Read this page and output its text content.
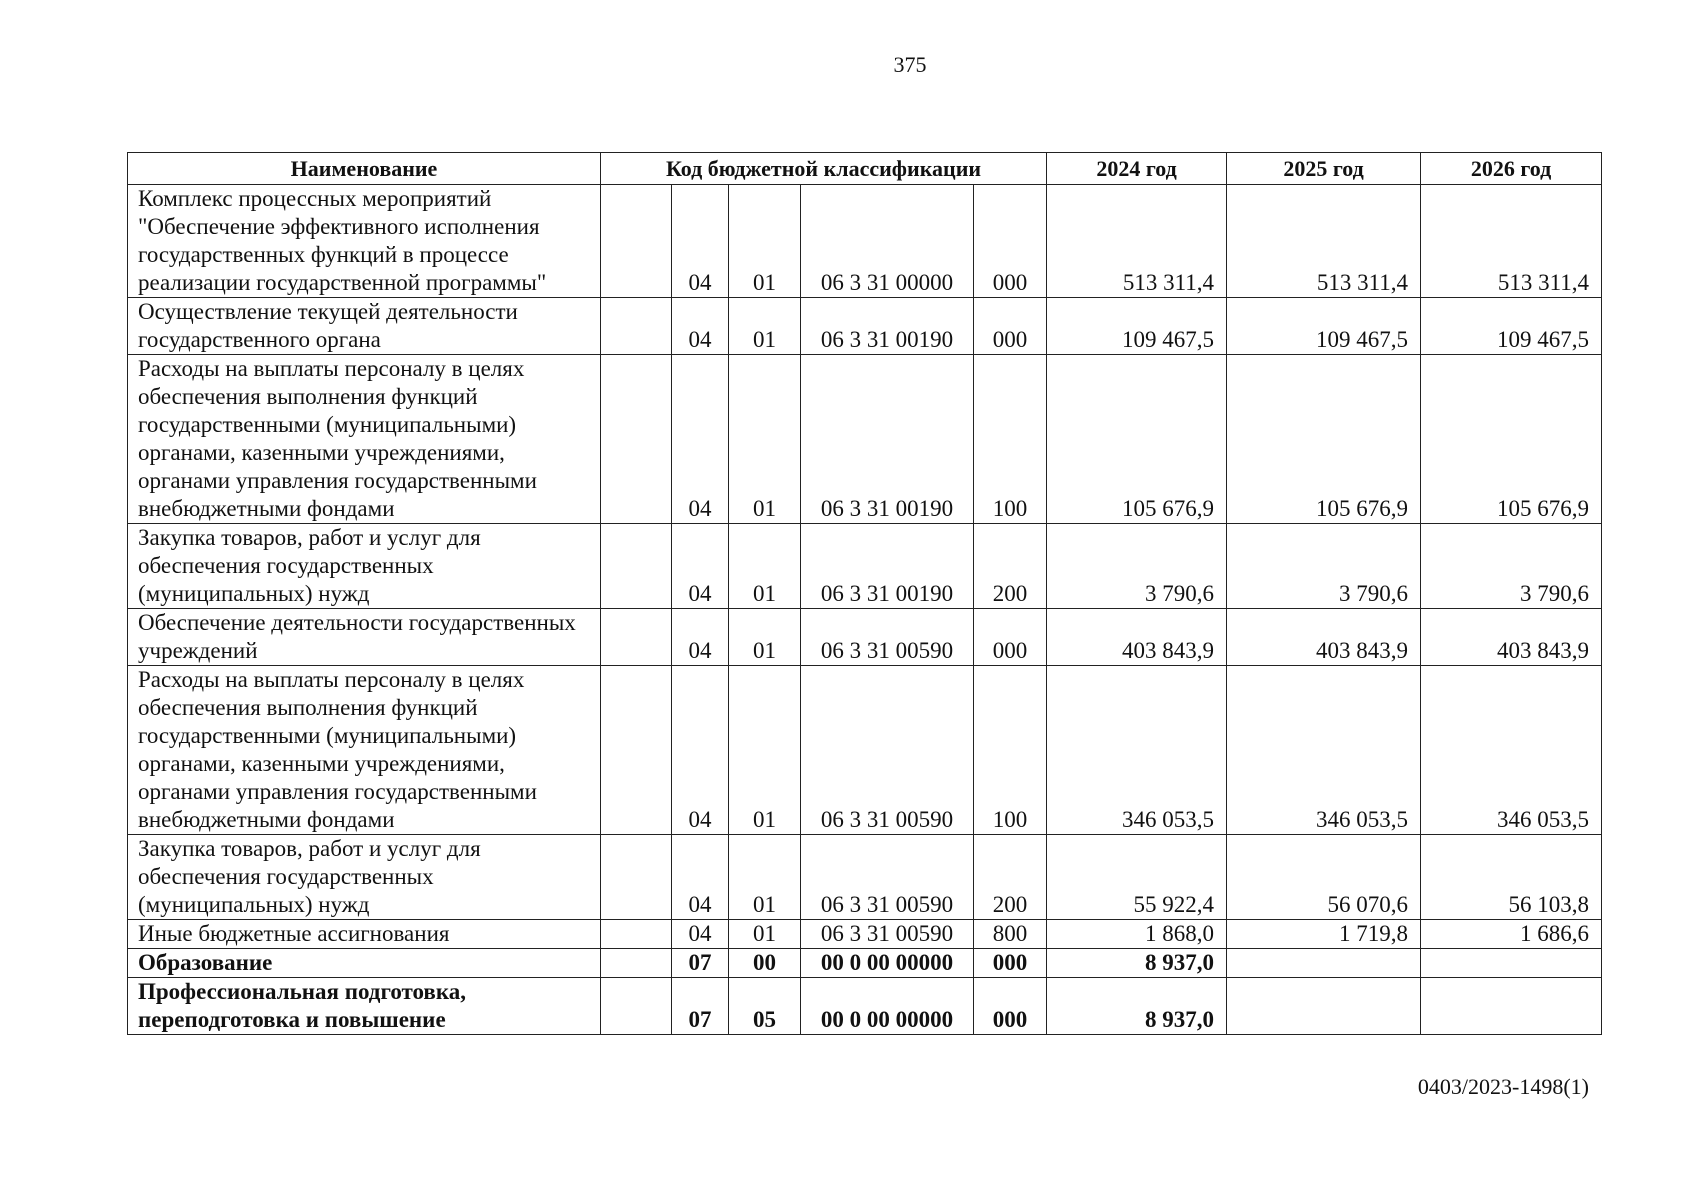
375
Наименование	Код бюджетной классификации					2024 год	2025 год	2026 год
Комплекс процессных мероприятий "Обеспечение эффективного исполнения государственных функций в процессе реализации государственной программы"		04	01	06 3 31 00000	000	513 311,4	513 311,4	513 311,4
Осуществление текущей деятельности государственного органа		04	01	06 3 31 00190	000	109 467,5	109 467,5	109 467,5
Расходы на выплаты персоналу в целях обеспечения выполнения функций государственными (муниципальными) органами, казенными учреждениями, органами управления государственными внебюджетными фондами		04	01	06 3 31 00190	100	105 676,9	105 676,9	105 676,9
Закупка товаров, работ и услуг для обеспечения государственных (муниципальных) нужд		04	01	06 3 31 00190	200	3 790,6	3 790,6	3 790,6
Обеспечение деятельности государственных учреждений		04	01	06 3 31 00590	000	403 843,9	403 843,9	403 843,9
Расходы на выплаты персоналу в целях обеспечения выполнения функций государственными (муниципальными) органами, казенными учреждениями, органами управления государственными внебюджетными фондами		04	01	06 3 31 00590	100	346 053,5	346 053,5	346 053,5
Закупка товаров, работ и услуг для обеспечения государственных (муниципальных) нужд		04	01	06 3 31 00590	200	55 922,4	56 070,6	56 103,8
Иные бюджетные ассигнования		04	01	06 3 31 00590	800	1 868,0	1 719,8	1 686,6
Образование		07	00	00 0 00 00000	000	8 937,0		
Профессиональная подготовка, переподготовка и повышение		07	05	00 0 00 00000	000	8 937,0		
0403/2023-1498(1)
